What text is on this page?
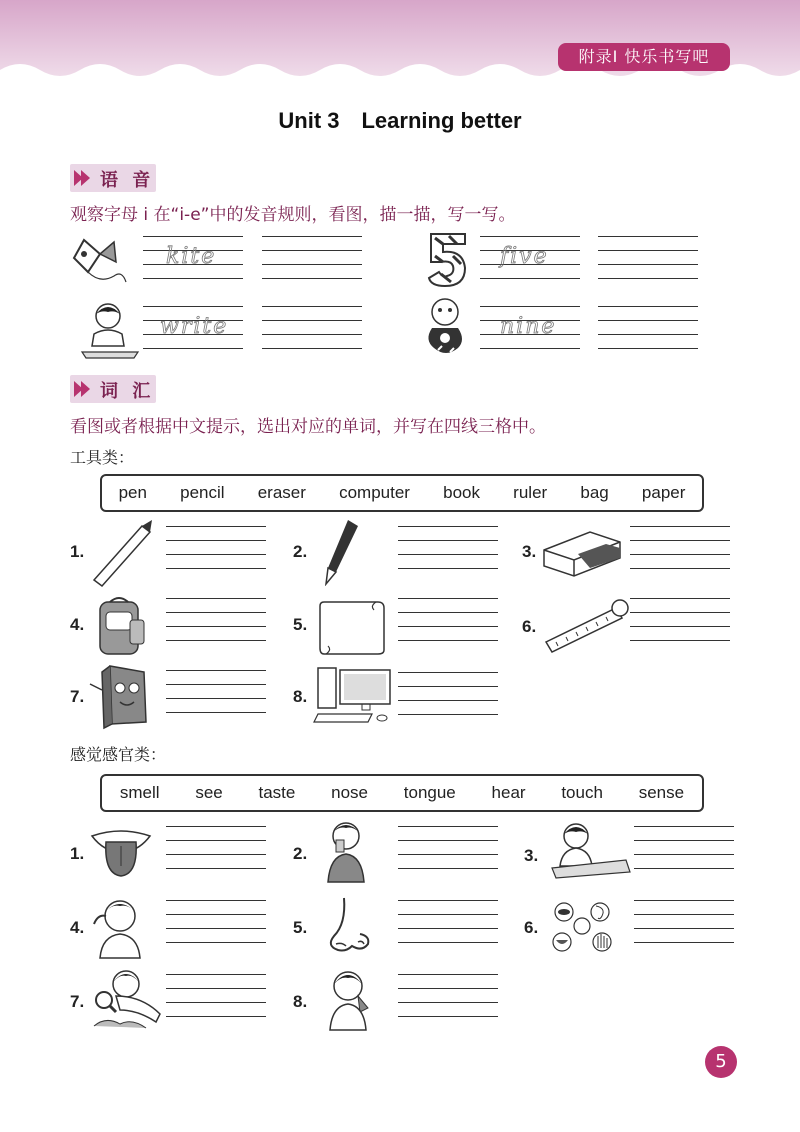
附录Ⅰ 快乐书写吧
Unit 3　Learning better
语 音
观察字母 i 在“i-e”中的发音规则，看图，描一描，写一写。
kite	five
write	nine
词 汇
看图或者根据中文提示，选出对应的单词，并写在四线三格中。
工具类：
pen pencil eraser computer book ruler bag paper
1.	2.	3.
4.	5.	6.
7.	8.
感觉感官类：
smell see taste nose tongue hear touch sense
1.	2.	3.
4.	5.	6.
7.	8.
5
